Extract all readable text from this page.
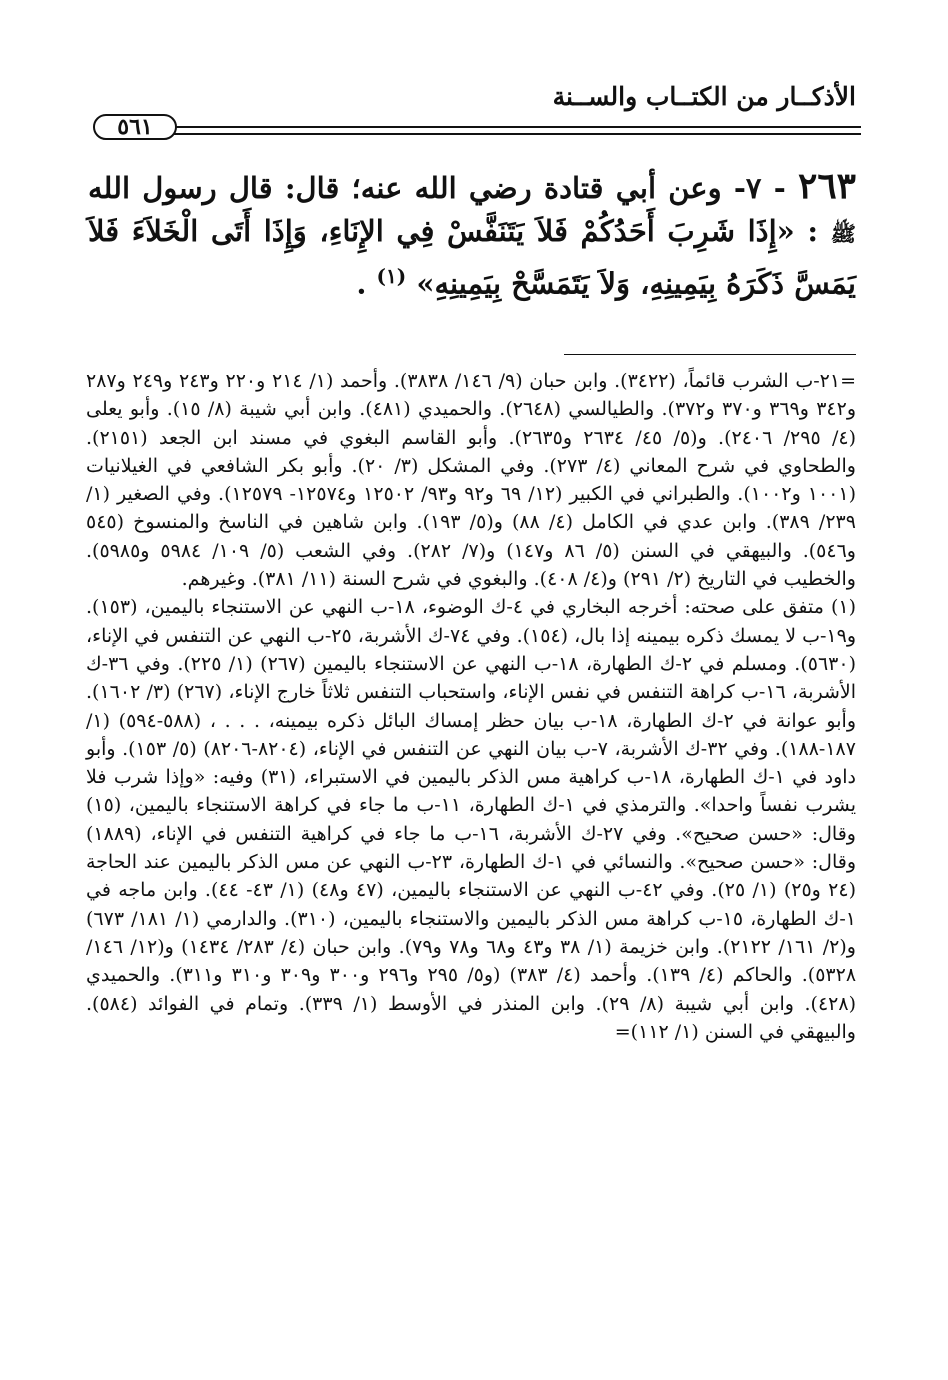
الأذكــار من الكتــاب والســنة
٥٦١
٢٦٣ - ٧- وعن أبي قتادة رضي الله عنه؛ قال: قال رسول الله ﷺ : «إِذَا شَرِبَ أَحَدُكُمْ فَلاَ يَتَنَفَّسْ فِي الإِنَاءِ، وَإِذَا أَتَى الْخَلاَءَ فَلاَ يَمَسَّ ذَكَرَهُ بِيَمِينِهِ، وَلاَ يَتَمَسَّحْ بِيَمِينِهِ» $^{(١)}$ .

=٢١-ب الشرب قائماً، (٣٤٢٢). وابن حبان (٩/ ١٤٦/ ٣٨٣٨). وأحمد (١/ ٢١٤ و٢٢٠ و٢٤٣ و٢٤٩ و٢٨٧ و٣٤٢ و٣٦٩ و٣٧٠ و٣٧٢). والطيالسي (٢٦٤٨). والحميدي (٤٨١). وابن أبي شيبة (٨/ ١٥). وأبو يعلى (٤/ ٢٩٥/ ٢٤٠٦). و(٥/ ٤٥/ ٢٦٣٤ و٢٦٣٥). وأبو القاسم البغوي في مسند ابن الجعد (٢١٥١). والطحاوي في شرح المعاني (٤/ ٢٧٣). وفي المشكل (٣/ ٢٠). وأبو بكر الشافعي في الغيلانيات (١٠٠١ و١٠٠٢). والطبراني في الكبير (١٢/ ٦٩ و٩٢ و٩٣/ ١٢٥٠٢ و١٢٥٧٤- ١٢٥٧٩). وفي الصغير (١/ ٢٣٩/ ٣٨٩). وابن عدي في الكامل (٤/ ٨٨) و(٥/ ١٩٣). وابن شاهين في الناسخ والمنسوخ (٥٤٥ و٥٤٦). والبيهقي في السنن (٥/ ٨٦ و١٤٧) و(٧/ ٢٨٢). وفي الشعب (٥/ ١٠٩/ ٥٩٨٤ و٥٩٨٥). والخطيب في التاريخ (٢/ ٢٩١) و(٤/ ٤٠٨). والبغوي في شرح السنة (١١/ ٣٨١). وغيرهم.

(١) متفق على صحته: أخرجه البخاري في ٤-ك الوضوء، ١٨-ب النهي عن الاستنجاء باليمين، (١٥٣). و١٩-ب لا يمسك ذكره بيمينه إذا بال، (١٥٤). وفي ٧٤-ك الأشربة، ٢٥-ب النهي عن التنفس في الإناء، (٥٦٣٠). ومسلم في ٢-ك الطهارة، ١٨-ب النهي عن الاستنجاء باليمين (٢٦٧) (١/ ٢٢٥). وفي ٣٦-ك الأشربة، ١٦-ب كراهة التنفس في نفس الإناء، واستحباب التنفس ثلاثاً خارج الإناء، (٢٦٧) (٣/ ١٦٠٢). وأبو عوانة في ٢-ك الطهارة، ١٨-ب بيان حظر إمساك البائل ذكره بيمينه، . . . ، (٥٨٨-٥٩٤) (١/ ١٨٧-١٨٨). وفي ٣٢-ك الأشربة، ٧-ب بيان النهي عن التنفس في الإناء، (٨٢٠٤-٨٢٠٦) (٥/ ١٥٣). وأبو داود في ١-ك الطهارة، ١٨-ب كراهية مس الذكر باليمين في الاستبراء، (٣١) وفيه: «وإذا شرب فلا يشرب نفساً واحدا». والترمذي في ١-ك الطهارة، ١١-ب ما جاء في كراهة الاستنجاء باليمين، (١٥) وقال: «حسن صحيح». وفي ٢٧-ك الأشربة، ١٦-ب ما جاء في كراهية التنفس في الإناء، (١٨٨٩) وقال: «حسن صحيح». والنسائي في ١-ك الطهارة، ٢٣-ب النهي عن مس الذكر باليمين عند الحاجة (٢٤ و٢٥) (١/ ٢٥). وفي ٤٢-ب النهي عن الاستنجاء باليمين، (٤٧ و٤٨) (١/ ٤٣- ٤٤). وابن ماجه في ١-ك الطهارة، ١٥-ب كراهة مس الذكر باليمين والاستنجاء باليمين، (٣١٠). والدارمي (١/ ١٨١/ ٦٧٣) و(٢/ ١٦١/ ٢١٢٢). وابن خزيمة (١/ ٣٨ و٤٣ و٦٨ و٧٨ و٧٩). وابن حبان (٤/ ٢٨٣/ ١٤٣٤) و(١٢/ ١٤٦/ ٥٣٢٨). والحاكم (٤/ ١٣٩). وأحمد (٤/ ٣٨٣) (و٥/ ٢٩٥ و٢٩٦ و٣٠٠ و٣٠٩ و٣١٠ و٣١١). والحميدي (٤٢٨). وابن أبي شيبة (٨/ ٢٩). وابن المنذر في الأوسط (١/ ٣٣٩). وتمام في الفوائد (٥٨٤). والبيهقي في السنن (١/ ١١٢)=
